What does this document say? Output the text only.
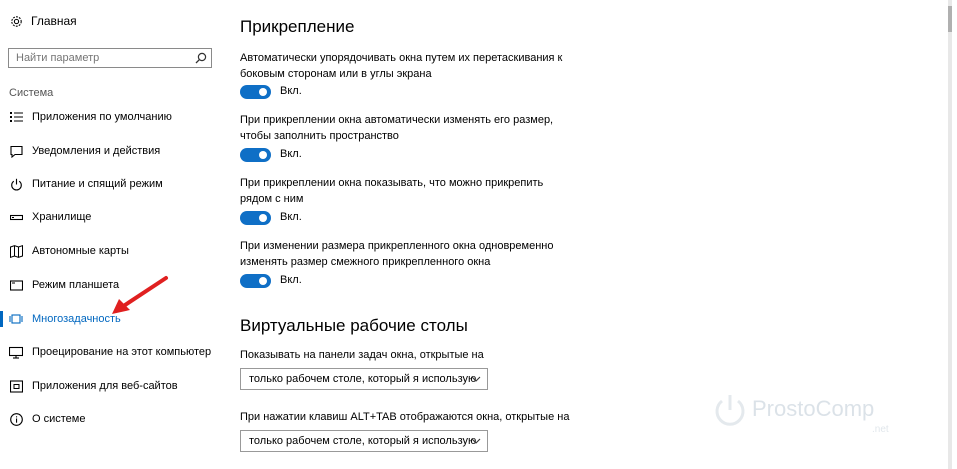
Главная
Найти параметр
Система
Приложения по умолчанию
Уведомления и действия
Питание и спящий режим
Хранилище
Автономные карты
Режим планшета
Многозадачность
Проецирование на этот компьютер
Приложения для веб-сайтов
О системе
Прикрепление
Автоматически упорядочивать окна путем их перетаскивания к боковым сторонам или в углы экрана
Вкл.
При прикреплении окна автоматически изменять его размер, чтобы заполнить пространство
Вкл.
При прикреплении окна показывать, что можно прикрепить рядом с ним
Вкл.
При изменении размера прикрепленного окна одновременно изменять размер смежного прикрепленного окна
Вкл.
Виртуальные рабочие столы
Показывать на панели задач окна, открытые на
только рабочем столе, который я использую
При нажатии клавиш ALT+TAB отображаются окна, открытые на
только рабочем столе, который я использую
ProstoComp
.net
